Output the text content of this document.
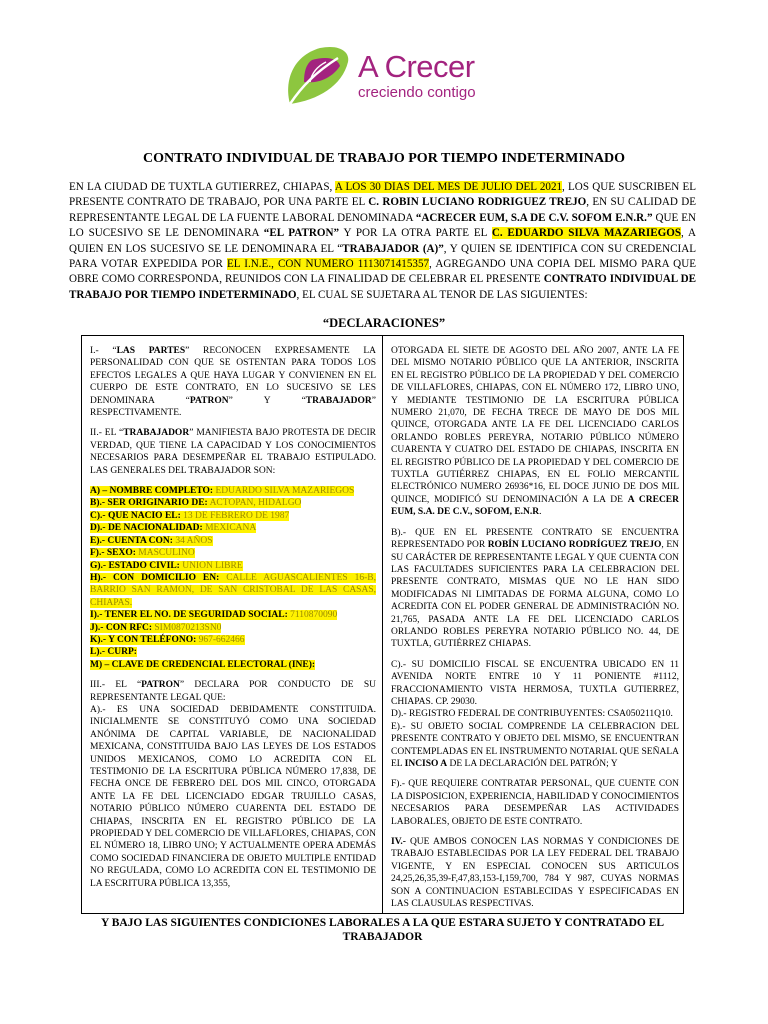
A Crecer
creciendo contigo
CONTRATO INDIVIDUAL DE TRABAJO POR TIEMPO INDETERMINADO
EN LA CIUDAD DE TUXTLA GUTIERREZ, CHIAPAS, A LOS 30 DIAS DEL MES DE JULIO DEL 2021, LOS QUE SUSCRIBEN EL PRESENTE CONTRATO DE TRABAJO, POR UNA PARTE EL C. ROBIN LUCIANO RODRIGUEZ TREJO, EN SU CALIDAD DE REPRESENTANTE LEGAL DE LA FUENTE LABORAL DENOMINADA “ACRECER EUM, S.A DE C.V. SOFOM E.N.R.” QUE EN LO SUCESIVO SE LE DENOMINARA “EL PATRON” Y POR LA OTRA PARTE EL C. EDUARDO SILVA MAZARIEGOS, A QUIEN EN LOS SUCESIVO SE LE DENOMINARA EL “TRABAJADOR (A)”, Y QUIEN SE IDENTIFICA CON SU CREDENCIAL PARA VOTAR EXPEDIDA POR EL I.N.E., CON NUMERO 1113071415357, AGREGANDO UNA COPIA DEL MISMO PARA QUE OBRE COMO CORRESPONDA, REUNIDOS CON LA FINALIDAD DE CELEBRAR EL PRESENTE CONTRATO INDIVIDUAL DE TRABAJO POR TIEMPO INDETERMINADO, EL CUAL SE SUJETARA AL TENOR DE LAS SIGUIENTES:
“DECLARACIONES”

I.- “LAS PARTES” RECONOCEN EXPRESAMENTE LA PERSONALIDAD CON QUE SE OSTENTAN PARA TODOS LOS EFECTOS LEGALES A QUE HAYA LUGAR Y CONVIENEN EN EL CUERPO DE ESTE CONTRATO, EN LO SUCESIVO SE LES DENOMINARA “PATRON” Y “TRABAJADOR” RESPECTIVAMENTE.

II.- EL “TRABAJADOR” MANIFIESTA BAJO PROTESTA DE DECIR VERDAD, QUE TIENE LA CAPACIDAD Y LOS CONOCIMIENTOS NECESARIOS PARA DESEMPEÑAR EL TRABAJO ESTIPULADO. LAS GENERALES DEL TRABAJADOR SON:

A) – NOMBRE COMPLETO: EDUARDO SILVA MAZARIEGOS
B).- SER ORIGINARIO DE: ACTOPAN, HIDALGO
C).- QUE NACIO EL: 13 DE FEBRERO DE 1987
D).- DE NACIONALIDAD: MEXICANA
E).- CUENTA CON: 34 AÑOS
F).- SEXO: MASCULINO
G).- ESTADO CIVIL: UNION LIBRE
H).- CON DOMICILIO EN: CALLE AGUASCALIENTES 16-B, BARRIO SAN RAMON, DE SAN CRISTOBAL DE LAS CASAS, CHIAPAS.
I).- TENER EL NO. DE SEGURIDAD SOCIAL: 7110870090
J).- CON RFC: SIM0870213SN0
K).- Y CON TELÉFONO: 967-662466
L).- CURP:
M) – CLAVE DE CREDENCIAL ELECTORAL (INE):

III.- EL “PATRON” DECLARA POR CONDUCTO DE SU REPRESENTANTE LEGAL QUE:
A).- ES UNA SOCIEDAD DEBIDAMENTE CONSTITUIDA. INICIALMENTE SE CONSTITUYÓ COMO UNA SOCIEDAD ANÓNIMA DE CAPITAL VARIABLE, DE NACIONALIDAD MEXICANA, CONSTITUIDA BAJO LAS LEYES DE LOS ESTADOS UNIDOS MEXICANOS, COMO LO ACREDITA CON EL TESTIMONIO DE LA ESCRITURA PÚBLICA NÚMERO 17,838, DE FECHA ONCE DE FEBRERO DEL DOS MIL CINCO, OTORGADA ANTE LA FE DEL LICENCIADO EDGAR TRUJILLO CASAS, NOTARIO PÚBLICO NÚMERO CUARENTA DEL ESTADO DE CHIAPAS, INSCRITA EN EL REGISTRO PÚBLICO DE LA PROPIEDAD Y DEL COMERCIO DE VILLAFLORES, CHIAPAS, CON EL NÚMERO 18, LIBRO UNO; Y ACTUALMENTE OPERA ADEMÁS COMO SOCIEDAD FINANCIERA DE OBJETO MULTIPLE ENTIDAD NO REGULADA, COMO LO ACREDITA CON EL TESTIMONIO DE LA ESCRITURA PÚBLICA 13,355,

OTORGADA EL SIETE DE AGOSTO DEL AÑO 2007, ANTE LA FE DEL MISMO NOTARIO PÚBLICO QUE LA ANTERIOR, INSCRITA EN EL REGISTRO PÚBLICO DE LA PROPIEDAD Y DEL COMERCIO DE VILLAFLORES, CHIAPAS, CON EL NÚMERO 172, LIBRO UNO, Y MEDIANTE TESTIMONIO DE LA ESCRITURA PÚBLICA NUMERO 21,070, DE FECHA TRECE DE MAYO DE DOS MIL QUINCE, OTORGADA ANTE LA FE DEL LICENCIADO CARLOS ORLANDO ROBLES PEREYRA, NOTARIO PÚBLICO NÚMERO CUARENTA Y CUATRO DEL ESTADO DE CHIAPAS, INSCRITA EN EL REGISTRO PÚBLICO DE LA PROPIEDAD Y DEL COMERCIO DE TUXTLA GUTIÉRREZ CHIAPAS, EN EL FOLIO MERCANTIL ELECTRÓNICO NUMERO 26936*16, EL DOCE JUNIO DE DOS MIL QUINCE, MODIFICÓ SU DENOMINACIÓN A LA DE A CRECER EUM, S.A. DE C.V., SOFOM, E.N.R.

B).- QUE EN EL PRESENTE CONTRATO SE ENCUENTRA REPRESENTADO POR ROBÍN LUCIANO RODRÍGUEZ TREJO, EN SU CARÁCTER DE REPRESENTANTE LEGAL Y QUE CUENTA CON LAS FACULTADES SUFICIENTES PARA LA CELEBRACION DEL PRESENTE CONTRATO, MISMAS QUE NO LE HAN SIDO MODIFICADAS NI LIMITADAS DE FORMA ALGUNA, COMO LO ACREDITA CON EL PODER GENERAL DE ADMINISTRACIÓN NO. 21,765, PASADA ANTE LA FE DEL LICENCIADO CARLOS ORLANDO ROBLES PEREYRA NOTARIO PÚBLICO NO. 44, DE TUXTLA, GUTIÉRREZ CHIAPAS.

C).- SU DOMICILIO FISCAL SE ENCUENTRA UBICADO EN 11 AVENIDA NORTE ENTRE 10 Y 11 PONIENTE #1112, FRACCIONAMIENTO VISTA HERMOSA, TUXTLA GUTIERREZ, CHIAPAS. CP. 29030.
D).- REGISTRO FEDERAL DE CONTRIBUYENTES: CSA050211Q10.

E).- SU OBJETO SOCIAL COMPRENDE LA CELEBRACION DEL PRESENTE CONTRATO Y OBJETO DEL MISMO, SE ENCUENTRAN CONTEMPLADAS EN EL INSTRUMENTO NOTARIAL QUE SEÑALA EL INCISO A DE LA DECLARACIÓN DEL PATRÓN; Y

F).- QUE REQUIERE CONTRATAR PERSONAL, QUE CUENTE CON LA DISPOSICION, EXPERIENCIA, HABILIDAD Y CONOCIMIENTOS NECESARIOS PARA DESEMPEÑAR LAS ACTIVIDADES LABORALES, OBJETO DE ESTE CONTRATO.

IV.- QUE AMBOS CONOCEN LAS NORMAS Y CONDICIONES DE TRABAJO ESTABLECIDAS POR LA LEY FEDERAL DEL TRABAJO VIGENTE, Y EN ESPECIAL CONOCEN SUS ARTICULOS 24,25,26,35,39-F,47,83,153-I,159,700, 784 Y 987, CUYAS NORMAS SON A CONTINUACION ESTABLECIDAS Y ESPECIFICADAS EN LAS CLAUSULAS RESPECTIVAS.

Y BAJO LAS SIGUIENTES CONDICIONES LABORALES A LA QUE ESTARA SUJETO Y CONTRATADO EL TRABAJADOR
